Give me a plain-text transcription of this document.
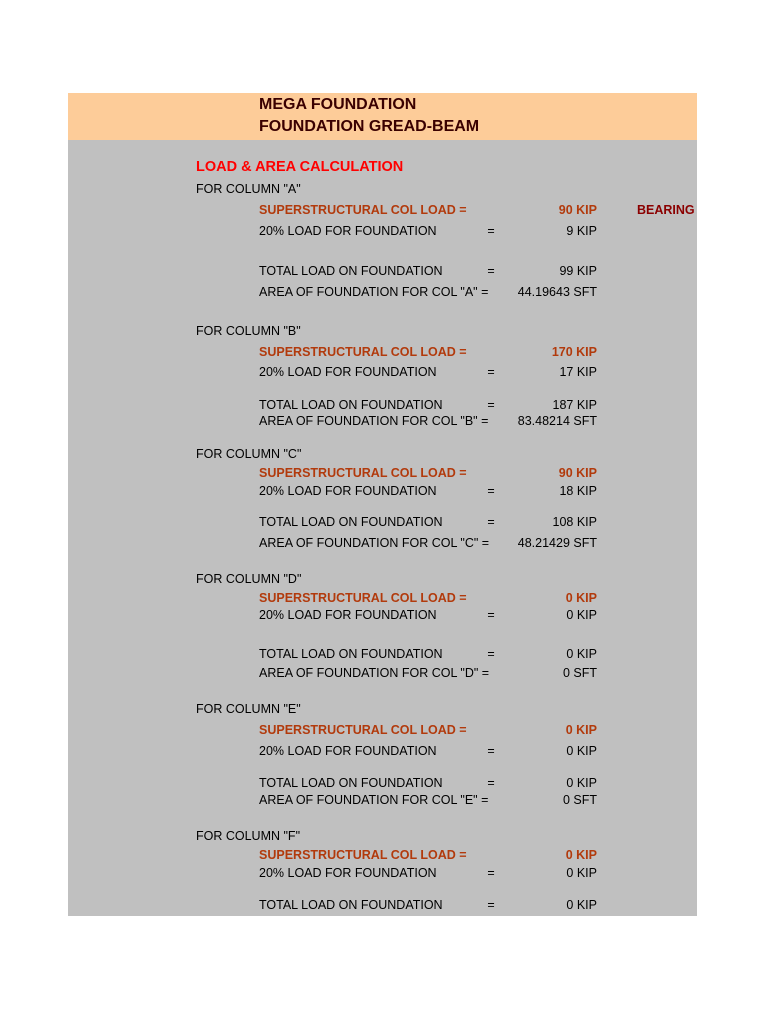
MEGA FOUNDATION
FOUNDATION GREAD-BEAM
LOAD & AREA CALCULATION
BEARING
FOR COLUMN "A"
SUPERSTRUCTURAL COL LOAD =	90 KIP
20% LOAD FOR FOUNDATION	=	9 KIP
TOTAL LOAD ON FOUNDATION	=	99 KIP
AREA OF FOUNDATION FOR COL "A" =	44.19643 SFT
FOR COLUMN "B"
SUPERSTRUCTURAL COL LOAD =	170 KIP
20% LOAD FOR FOUNDATION	=	17 KIP
TOTAL LOAD ON FOUNDATION	=	187 KIP
AREA OF FOUNDATION FOR COL "B" =	83.48214 SFT
FOR COLUMN "C"
SUPERSTRUCTURAL COL LOAD =	90 KIP
20% LOAD FOR FOUNDATION	=	18 KIP
TOTAL LOAD ON FOUNDATION	=	108 KIP
AREA OF FOUNDATION FOR COL "C" =	48.21429 SFT
FOR COLUMN "D"
SUPERSTRUCTURAL COL LOAD =	0 KIP
20% LOAD FOR FOUNDATION	=	0 KIP
TOTAL LOAD ON FOUNDATION	=	0 KIP
AREA OF FOUNDATION FOR COL "D" =	0 SFT
FOR COLUMN "E"
SUPERSTRUCTURAL COL LOAD =	0 KIP
20% LOAD FOR FOUNDATION	=	0 KIP
TOTAL LOAD ON FOUNDATION	=	0 KIP
AREA OF FOUNDATION FOR COL "E" =	0 SFT
FOR COLUMN "F"
SUPERSTRUCTURAL COL LOAD =	0 KIP
20% LOAD FOR FOUNDATION	=	0 KIP
TOTAL LOAD ON FOUNDATION	=	0 KIP
